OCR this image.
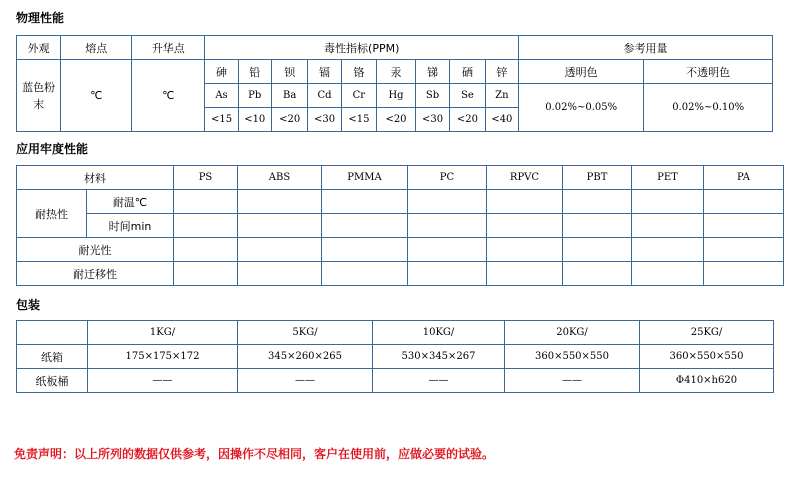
物理性能
外观	熔点	升华点	毒性指标(PPM)									参考用量	
蓝色粉末	℃	℃	砷	铅	钡	镉	铬	汞	锑	硒	锌	透明色	不透明色
			As	Pb	Ba	Cd	Cr	Hg	Sb	Se	Zn	0.02%~0.05%	0.02%~0.10%
			<15	<10	<20	<30	<15	<20	<30	<20	<40		
应用牢度性能
材料		PS	ABS	PMMA	PC	RPVC	PBT	PET	PA
耐热性	耐温℃								
	时间min								
耐光性									
耐迁移性									
包装
	1KG/	5KG/	10KG/	20KG/	25KG/
纸箱	175×175×172	345×260×265	530×345×267	360×550×550	360×550×550
纸板桶	——	——	——	——	Φ410×h620
免责声明：以上所列的数据仅供参考，因操作不尽相同，客户在使用前，应做必要的试验。
